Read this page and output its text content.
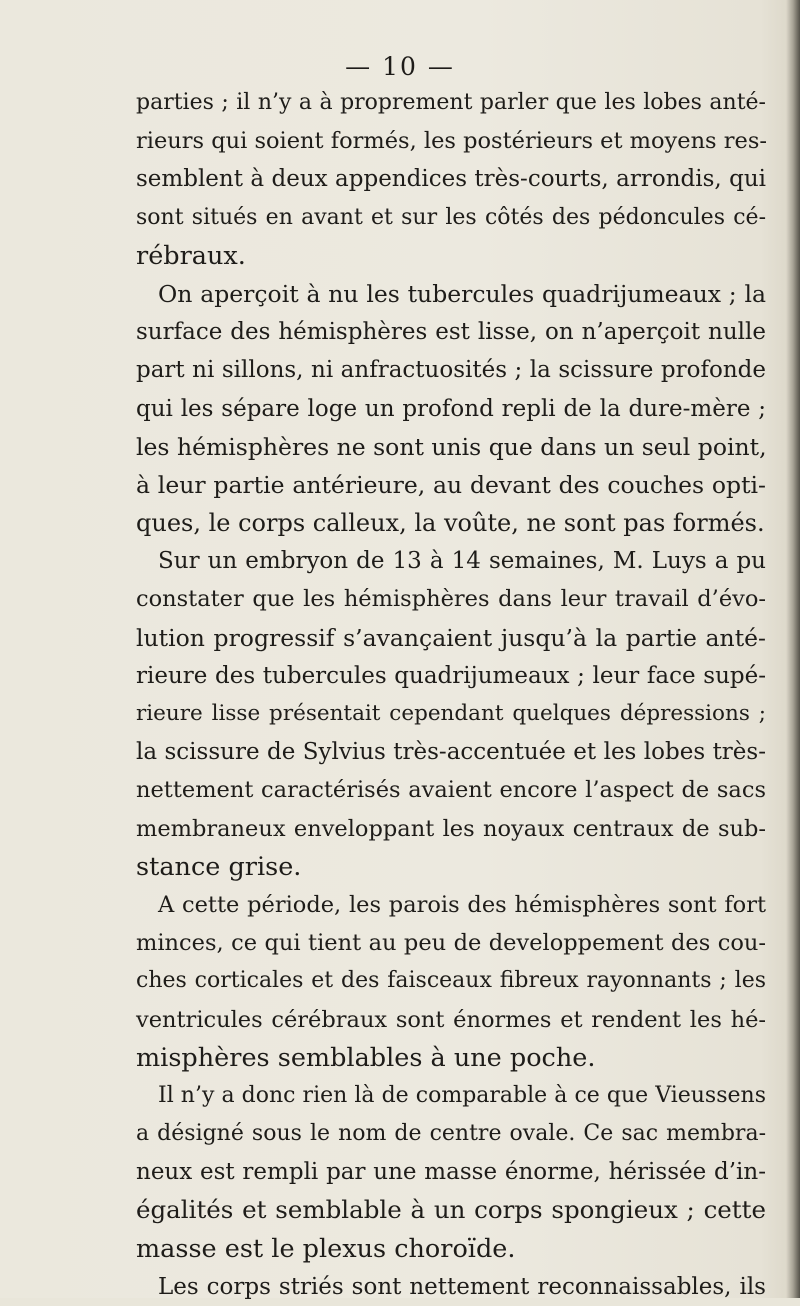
— 10 —
parties ; il n’y a à proprement parler que les lobes anté-
rieurs qui soient formés, les postérieurs et moyens res-
semblent à deux appendices très-courts, arrondis, qui
sont situés en avant et sur les côtés des pédoncules cé-
rébraux.
On aperçoit à nu les tubercules quadrijumeaux ; la
surface des hémisphères est lisse, on n’aperçoit nulle
part ni sillons, ni anfractuosités ; la scissure profonde
qui les sépare loge un profond repli de la dure-mère ;
les hémisphères ne sont unis que dans un seul point,
à leur partie antérieure, au devant des couches opti-
ques, le corps calleux, la voûte, ne sont pas formés.
Sur un embryon de 13 à 14 semaines, M. Luys a pu
constater que les hémisphères dans leur travail d’évo-
lution progressif s’avançaient jusqu’à la partie anté-
rieure des tubercules quadrijumeaux ; leur face supé-
rieure lisse présentait cependant quelques dépressions ;
la scissure de Sylvius très-accentuée et les lobes très-
nettement caractérisés avaient encore l’aspect de sacs
membraneux enveloppant les noyaux centraux de sub-
stance grise.
A cette période, les parois des hémisphères sont fort
minces, ce qui tient au peu de developpement des cou-
ches corticales et des faisceaux fibreux rayonnants ; les
ventricules cérébraux sont énormes et rendent les hé-
misphères semblables à une poche.
Il n’y a donc rien là de comparable à ce que Vieussens
a désigné sous le nom de centre ovale. Ce sac membra-
neux est rempli par une masse énorme, hérissée d’in-
égalités et semblable à un corps spongieux ; cette
masse est le plexus choroïde.
Les corps striés sont nettement reconnaissables, ils
